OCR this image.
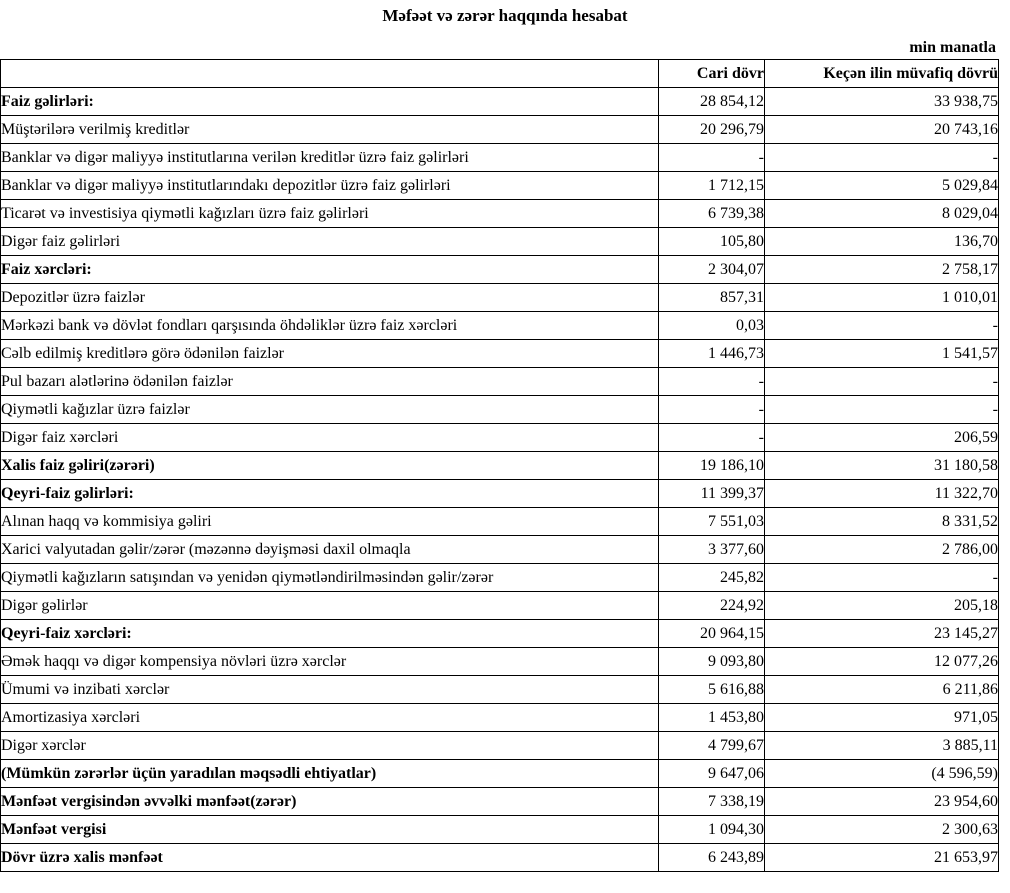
Məfəət və zərər haqqında hesabat
min manatla
	Cari dövr	Keçən ilin müvafiq dövrü
Faiz gəlirləri:	28 854,12	33 938,75
Müştərilərə verilmiş kreditlər	20 296,79	20 743,16
Banklar və digər maliyyə institutlarına verilən kreditlər üzrə faiz gəlirləri	-	-
Banklar və digər maliyyə institutlarındakı depozitlər üzrə faiz gəlirləri	1 712,15	5 029,84
Ticarət və investisiya qiymətli kağızları üzrə faiz gəlirləri	6 739,38	8 029,04
Digər faiz gəlirləri	105,80	136,70
Faiz xərcləri:	2 304,07	2 758,17
Depozitlər üzrə faizlər	857,31	1 010,01
Mərkəzi bank və dövlət fondları qarşısında öhdəliklər üzrə faiz xərcləri	0,03	-
Cəlb edilmiş kreditlərə görə ödənilən faizlər	1 446,73	1 541,57
Pul bazarı alətlərinə ödənilən faizlər	-	-
Qiymətli kağızlar üzrə faizlər	-	-
Digər faiz xərcləri	-	206,59
Xalis faiz gəliri(zərəri)	19 186,10	31 180,58
Qeyri-faiz gəlirləri:	11 399,37	11 322,70
Alınan haqq və kommisiya gəliri	7 551,03	8 331,52
Xarici valyutadan gəlir/zərər (məzənnə dəyişməsi daxil olmaqla	3 377,60	2 786,00
Qiymətli kağızların satışından və yenidən qiymətləndirilməsindən gəlir/zərər	245,82	-
Digər gəlirlər	224,92	205,18
Qeyri-faiz xərcləri:	20 964,15	23 145,27
Əmək haqqı və digər kompensiya növləri üzrə xərclər	9 093,80	12 077,26
Ümumi və inzibati xərclər	5 616,88	6 211,86
Amortizasiya xərcləri	1 453,80	971,05
Digər xərclər	4 799,67	3 885,11
(Mümkün zərərlər üçün yaradılan məqsədli ehtiyatlar)	9 647,06	(4 596,59)
Mənfəət vergisindən əvvəlki mənfəət(zərər)	7 338,19	23 954,60
Mənfəət vergisi	1 094,30	2 300,63
Dövr üzrə xalis mənfəət	6 243,89	21 653,97
